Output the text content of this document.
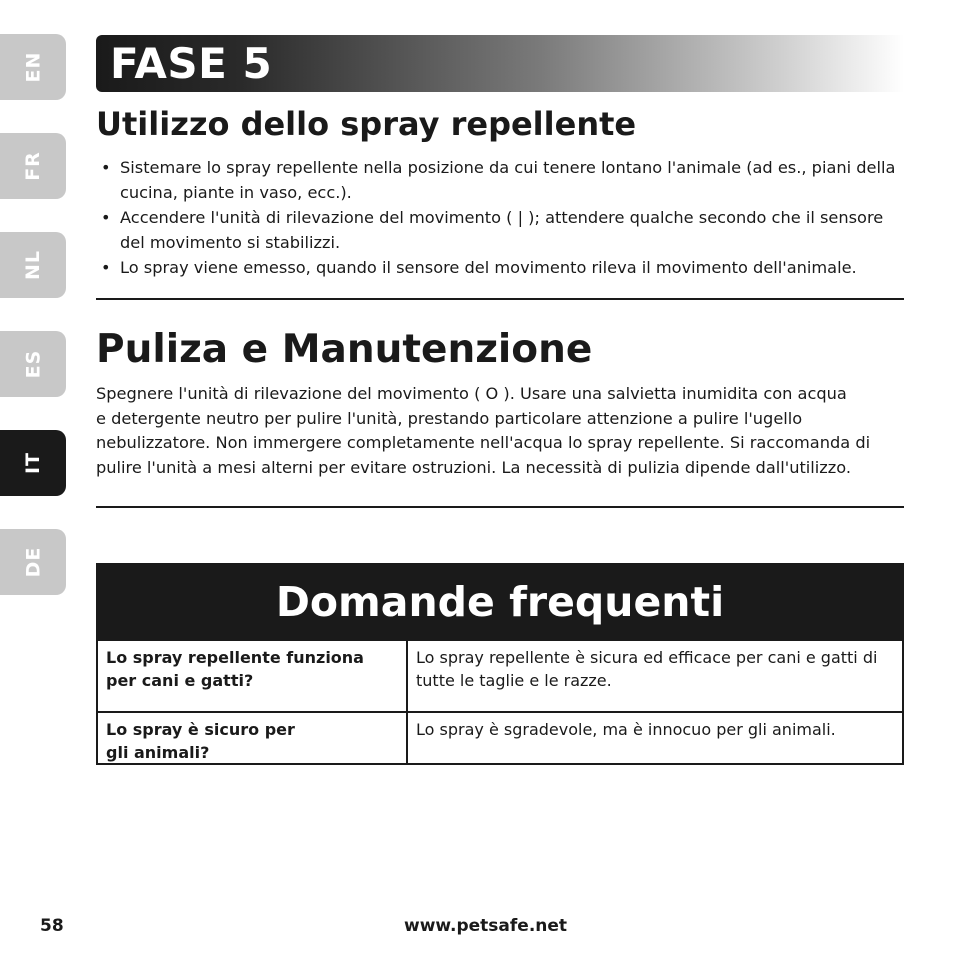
EN
FR
NL
ES
IT
DE
FASE 5
Utilizzo dello spray repellente
• Sistemare lo spray repellente nella posizione da cui tenere lontano l'animale (ad es., piani della cucina, piante in vaso, ecc.).
• Accendere l'unità di rilevazione del movimento ( | ); attendere qualche secondo che il sensore del movimento si stabilizzi.
• Lo spray viene emesso, quando il sensore del movimento rileva il movimento dell'animale.
Puliza e Manutenzione
Spegnere l'unità di rilevazione del movimento ( O ). Usare una salvietta inumidita con acqua
e detergente neutro per pulire l'unità, prestando particolare attenzione a pulire l'ugello nebulizzatore. Non immergere completamente nell'acqua lo spray repellente. Si raccomanda di pulire l'unità a mesi alterni per evitare ostruzioni. La necessità di pulizia dipende dall'utilizzo.
Domande frequenti
Lo spray repellente funziona per cani e gatti?
Lo spray repellente è sicura ed efficace per cani e gatti di tutte le taglie e le razze.
Lo spray è sicuro per
gli animali?
Lo spray è sgradevole, ma è innocuo per gli animali.

58	www.petsafe.net
